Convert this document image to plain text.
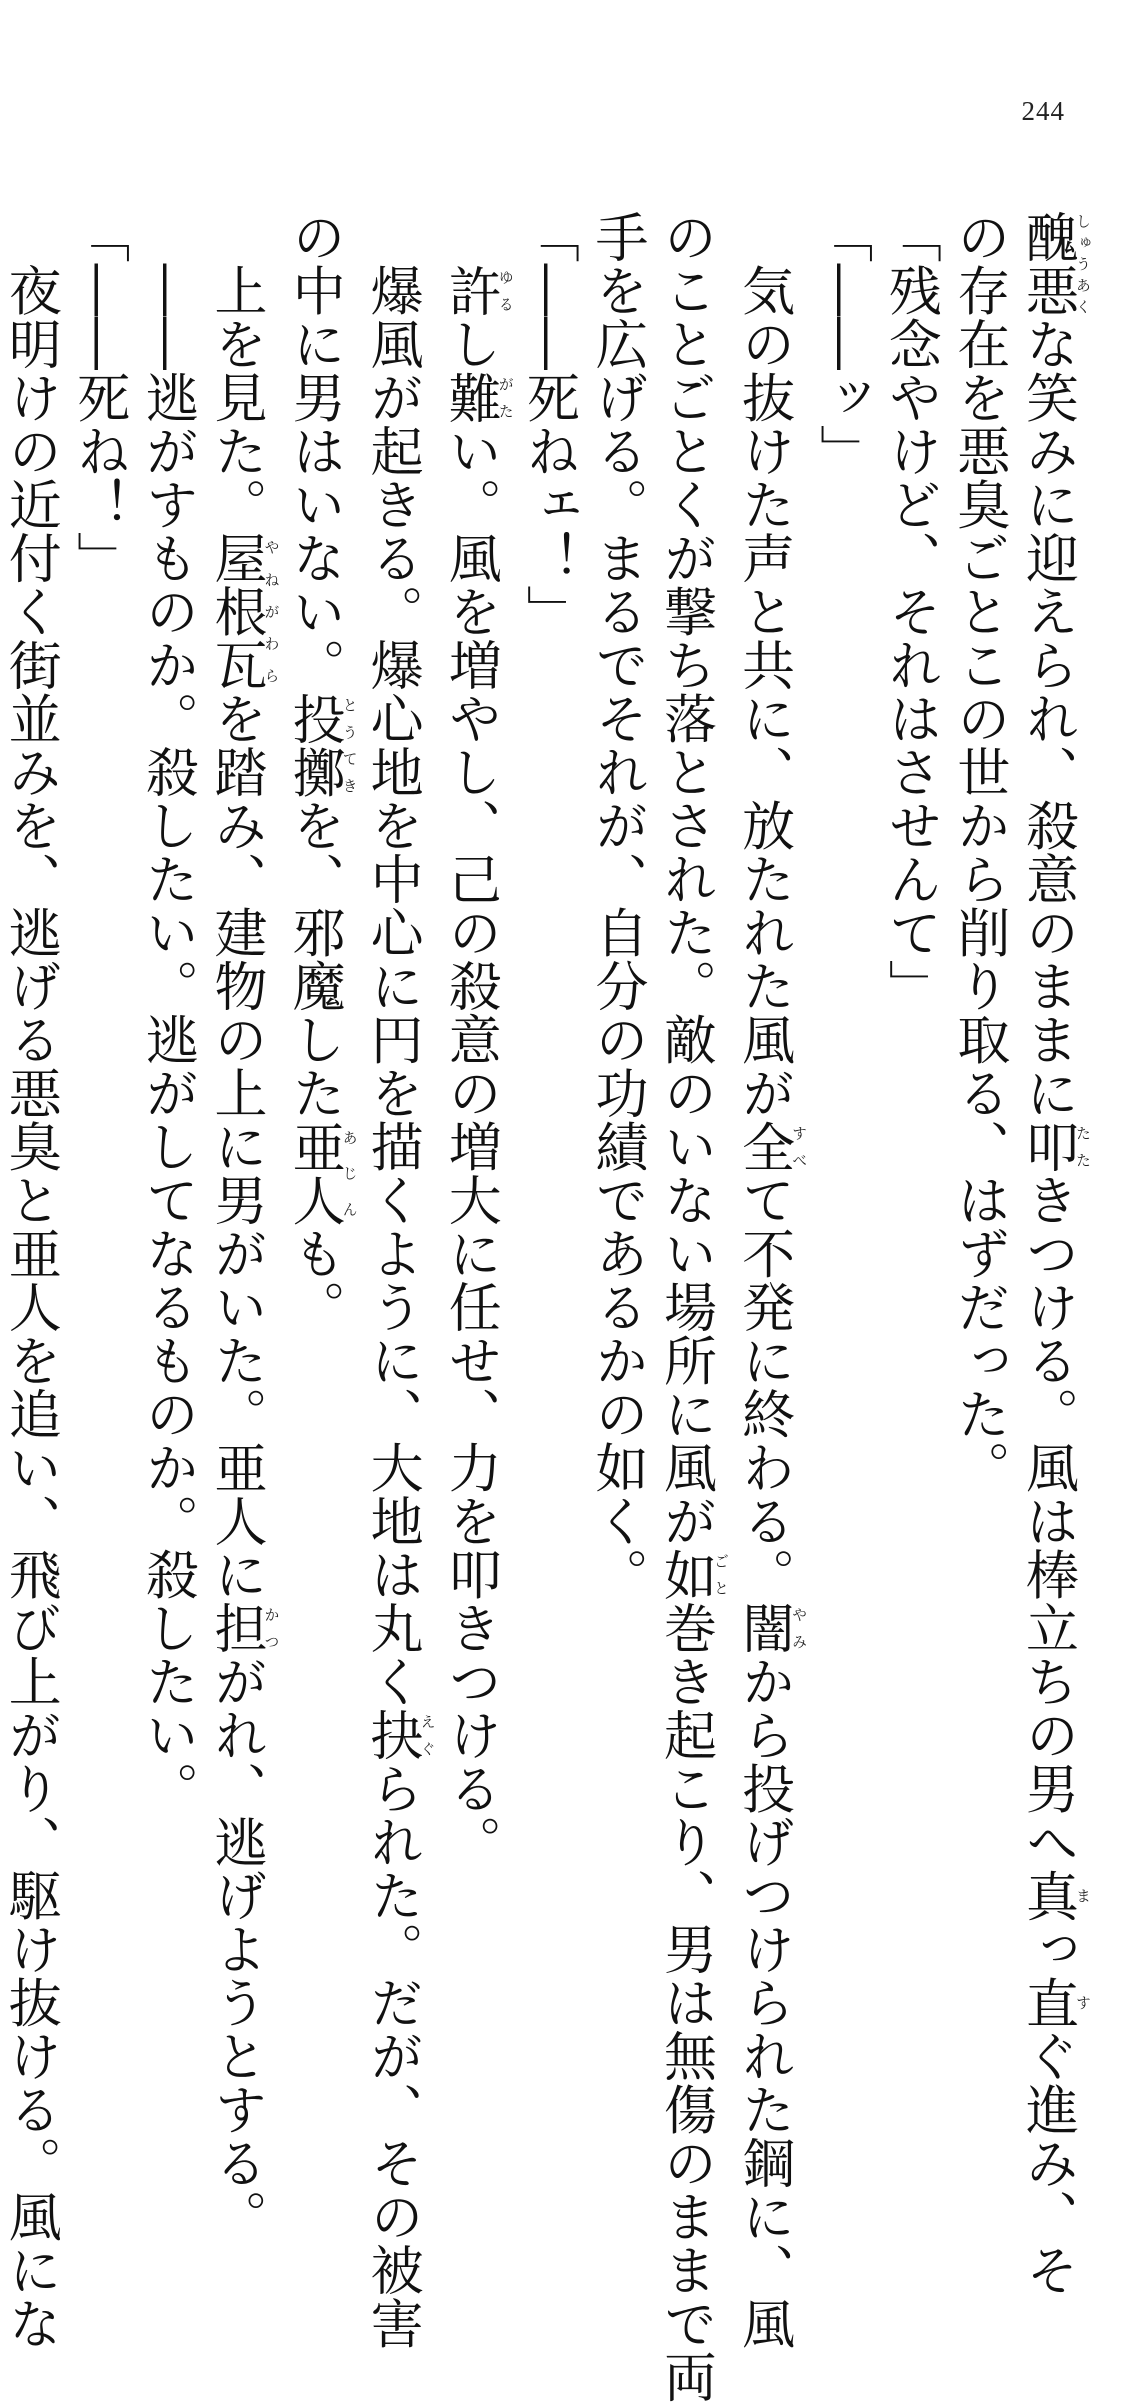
244
醜悪しゅうあくな笑みに迎えられ、殺意のままに叩たたきつける。風は棒立ちの男へ真まっ直すぐ進み、そ
の存在を悪臭ごとこの世から削り取る、はずだった。
「残念やけど、それはさせんて」
「――ッ」
　気の抜けた声と共に、放たれた風が全すべて不発に終わる。闇やみから投げつけられた鋼に、風
のことごとくが撃ち落とされた。敵のいない場所に風が如ごと巻き起こり、男は無傷のままで両
手を広げる。まるでそれが、自分の功績であるかの如く。
「――死ねェ！」
　許ゆるし難がたい。風を増やし、己の殺意の増大に任せ、力を叩きつける。
　爆風が起きる。爆心地を中心に円を描くように、大地は丸く抉えぐられた。だが、その被害
の中に男はいない。投擲とうてきを、邪魔した亜人あじんも。
　上を見た。屋根瓦やねがわらを踏み、建物の上に男がいた。亜人に担かつがれ、逃げようとする。
　――逃がすものか。殺したい。逃がしてなるものか。殺したい。
「――死ね！」
　夜明けの近付く街並みを、逃げる悪臭と亜人を追い、飛び上がり、駆け抜ける。風にな
